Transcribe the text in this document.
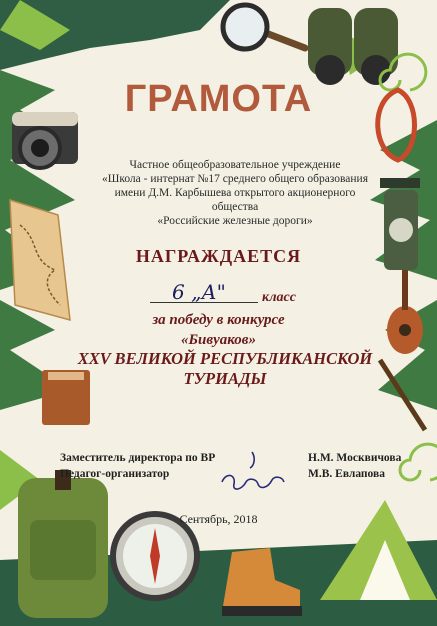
ГРАМОТА
Частное общеобразовательное учреждение
«Школа - интернат №17 среднего общего образования
имени Д.М. Карбышева открытого акционерного общества
«Российские железные дороги»
НАГРАЖДАЕТСЯ
6 „А"	класс
за победу в конкурсе
«Бивуаков»
XXV ВЕЛИКОЙ РЕСПУБЛИКАНСКОЙ
ТУРИАДЫ
Заместитель директора по ВР
Педагог-организатор
Н.М. Москвичова
М.В. Евлапова
Сентябрь, 2018
